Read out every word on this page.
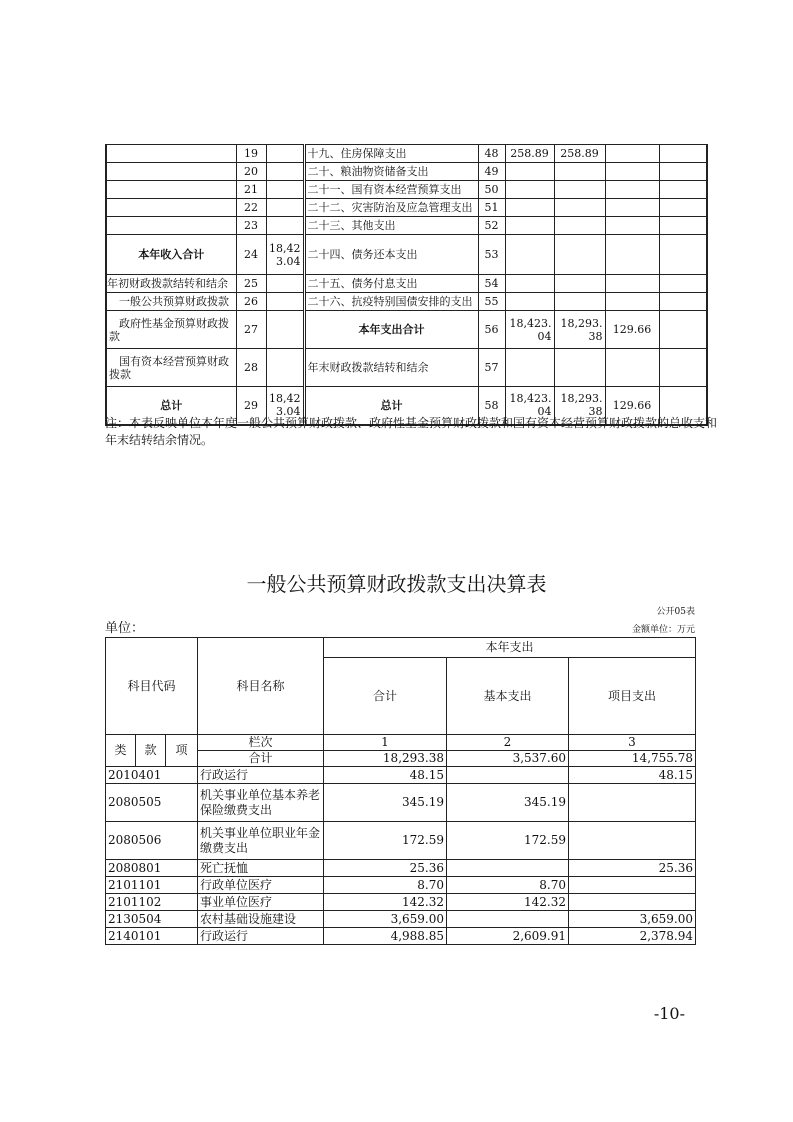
	19		十九、住房保障支出	48	258.89	258.89		
	20		二十、粮油物资储备支出	49				
	21		二十一、国有资本经营预算支出	50				
	22		二十二、灾害防治及应急管理支出	51				
	23		二十三、其他支出	52				
本年收入合计	24	18,423.04	二十四、债务还本支出	53				
年初财政拨款结转和结余	25		二十五、债务付息支出	54				
一般公共预算财政拨款	26		二十六、抗疫特别国债安排的支出	55				
政府性基金预算财政拨款	27		本年支出合计	56	18,423.04	18,293.38	129.66	
国有资本经营预算财政拨款	28		年末财政拨款结转和结余	57				
总计	29	18,423.04	总计	58	18,423.04	18,293.38	129.66	
注：本表反映单位本年度一般公共预算财政拨款、政府性基金预算财政拨款和国有资本经营预算财政拨款的总收支和年末结转结余情况。
一般公共预算财政拨款支出决算表
公开05表
单位：	金额单位：万元
科目代码			科目名称	本年支出		
				合计	基本支出	项目支出
类	款	项	栏次	1	2	3
			合计	18,293.38	3,537.60	14,755.78
2010401			行政运行	48.15		48.15
2080505			机关事业单位基本养老保险缴费支出	345.19	345.19	
2080506			机关事业单位职业年金缴费支出	172.59	172.59	
2080801			死亡抚恤	25.36		25.36
2101101			行政单位医疗	8.70	8.70	
2101102			事业单位医疗	142.32	142.32	
2130504			农村基础设施建设	3,659.00		3,659.00
2140101			行政运行	4,988.85	2,609.91	2,378.94
-10-
